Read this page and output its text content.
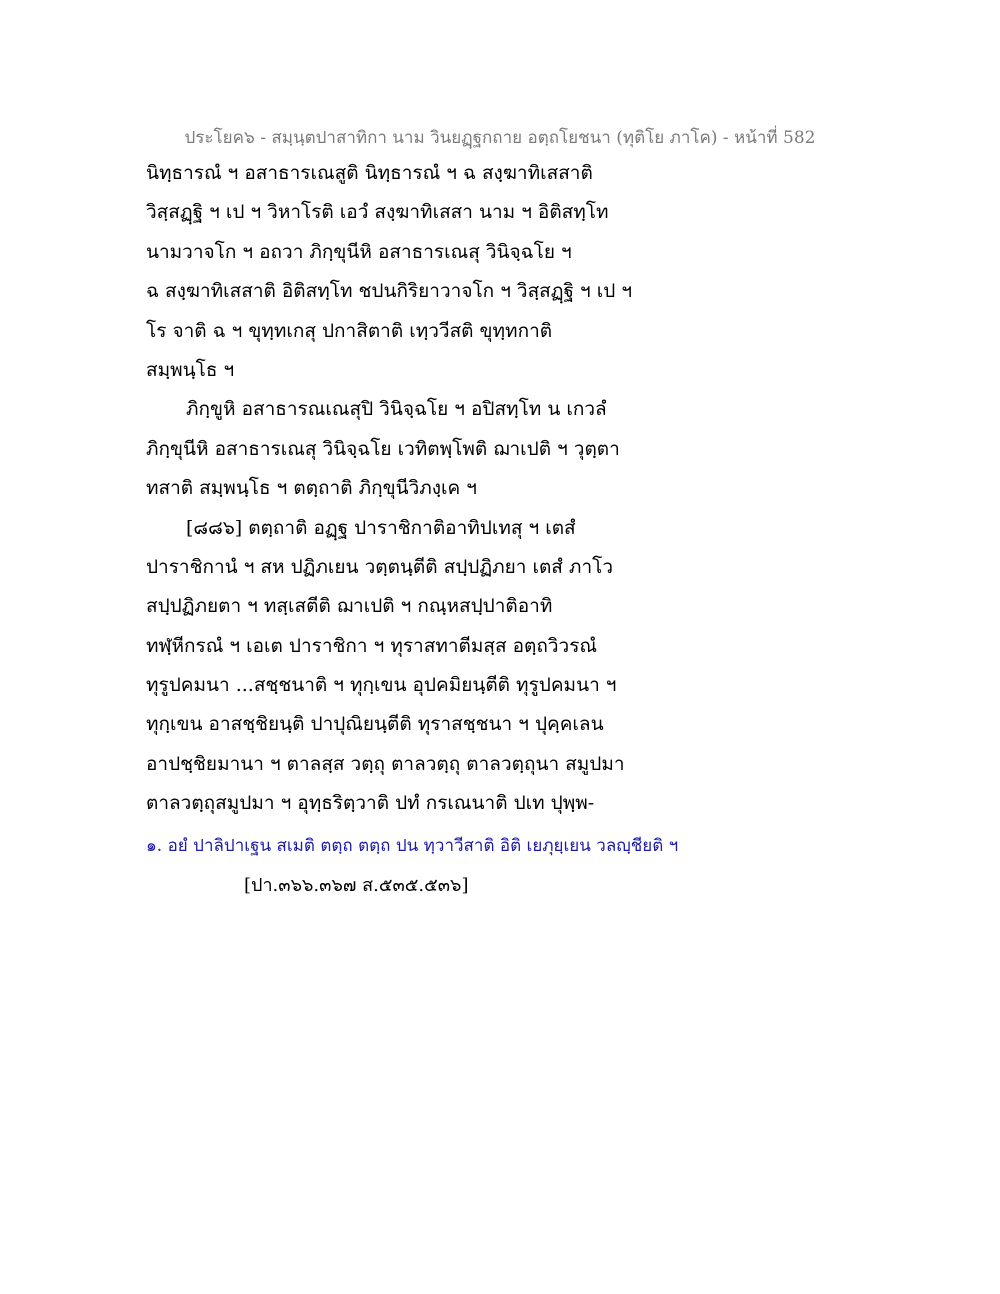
ประโยค๖ - สมฺนฺตปาสาทิกา นาม วินยฏฺฐกถาย อตฺถโยชนา (ทุติโย ภาโค) - หน้าที่ 582
นิทฺธารณํ ฯ อสาธารเณสูติ นิทฺธารณํ ฯ ฉ สงฺฆาทิเสสาติ
วิสฺสฏฺฐิ ฯ เป ฯ วิหาโรติ เอวํ สงฺฆาทิเสสา นาม ฯ อิติสทฺโท
นามวาจโก ฯ อถวา ภิกฺขุนีหิ อสาธารเณสุ วินิจฺฉโย ฯ
ฉ สงฺฆาทิเสสาติ อิติสทฺโท ชปนกิริยาวาจโก ฯ วิสฺสฏฺฐิ ฯ เป ฯ
โร จาติ ฉ ฯ ขุทฺทเกสุ ปกาสิตาติ เทฺววีสติ ขุทฺทกาติ
สมฺพนฺโธ ฯ
ภิกฺขูหิ อสาธารณเณสุปิ วินิจฺฉโย ฯ อปิสทฺโท น เกวลํ
ภิกฺขุนีหิ อสาธารเณสุ วินิจฺฉโย เวทิตพฺโพติ ฌาเปติ ฯ วุตฺตา
ทสาติ สมฺพนฺโธ ฯ ตตฺถาติ ภิกฺขุนีวิภงฺเค ฯ
[๘๘๖] ตตฺถาติ อฏฺฐ ปาราชิกาติอาทิปเทสุ ฯ เตสํ
ปาราชิกานํ ฯ สห ปฏิภเยน วตฺตนฺตีติ สปฺปฏิภยา เตสํ ภาโว
สปฺปฏิภยตา ฯ ทสฺเสตีติ ฌาเปติ ฯ กณฺหสปฺปาติอาทิ
ทฬฺหีกรณํ ฯ เอเต ปาราชิกา ฯ ทุราสทาตีมสฺส อตฺถวิวรณํ
ทุรูปคมนา ...สชฺชนาติ ฯ ทุกฺเขน อุปคมิยนฺตีติ ทุรูปคมนา ฯ
ทุกฺเขน อาสชฺชิยนฺติ ปาปุณิยนฺตีติ ทุราสชฺชนา ฯ ปุคฺคเลน
อาปชฺชิยมานา ฯ ตาลสฺส วตฺถุ ตาลวตฺถุ ตาลวตฺถุนา สมูปมา
ตาลวตฺถุสมูปมา ฯ อุทฺธริตฺวาติ ปทํ กรเณนาติ ปเท ปุพฺพ-
๑. อยํ ปาลิปาเฐน สเมติ ตตฺถ ตตฺถ ปน ทฺวาวีสาติ อิติ เยภุยฺเยน วลญฺชียติ ฯ
[ปา.๓๖๖.๓๖๗ ส.๕๓๕.๕๓๖]
